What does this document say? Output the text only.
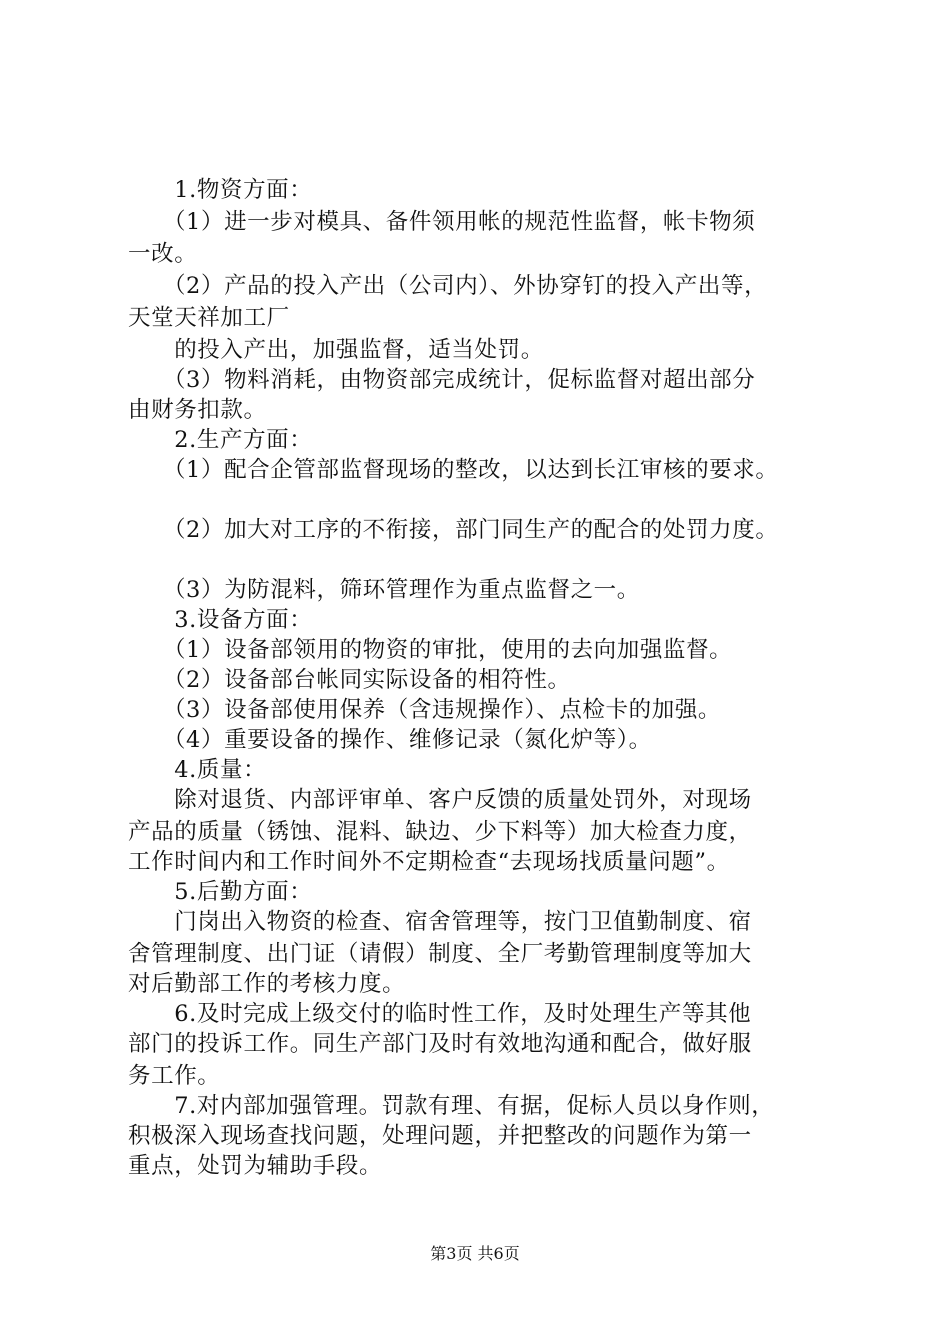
　　1.物资方面：
　　（1）进一步对模具、备件领用帐的规范性监督，帐卡物须
一改。
　　（2）产品的投入产出（公司内）、外协穿钉的投入产出等，
天堂天祥加工厂
　　的投入产出，加强监督，适当处罚。
　　（3）物料消耗，由物资部完成统计，促标监督对超出部分
由财务扣款。
　　2.生产方面：
　　（1）配合企管部监督现场的整改，以达到长江审核的要求。
　　（2）加大对工序的不衔接，部门同生产的配合的处罚力度。
　　（3）为防混料，筛环管理作为重点监督之一。
　　3.设备方面：
　　（1）设备部领用的物资的审批，使用的去向加强监督。
　　（2）设备部台帐同实际设备的相符性。
　　（3）设备部使用保养（含违规操作）、点检卡的加强。
　　（4）重要设备的操作、维修记录（氮化炉等）。
　　4.质量：
　　除对退货、内部评审单、客户反馈的质量处罚外，对现场
产品的质量（锈蚀、混料、缺边、少下料等）加大检查力度，
工作时间内和工作时间外不定期检查“去现场找质量问题”。
　　5.后勤方面：
　　门岗出入物资的检查、宿舍管理等，按门卫值勤制度、宿
舍管理制度、出门证（请假）制度、全厂考勤管理制度等加大
对后勤部工作的考核力度。
　　6.及时完成上级交付的临时性工作，及时处理生产等其他
部门的投诉工作。同生产部门及时有效地沟通和配合，做好服
务工作。
　　7.对内部加强管理。罚款有理、有据，促标人员以身作则，
积极深入现场查找问题，处理问题，并把整改的问题作为第一
重点，处罚为辅助手段。
第3页 共6页
